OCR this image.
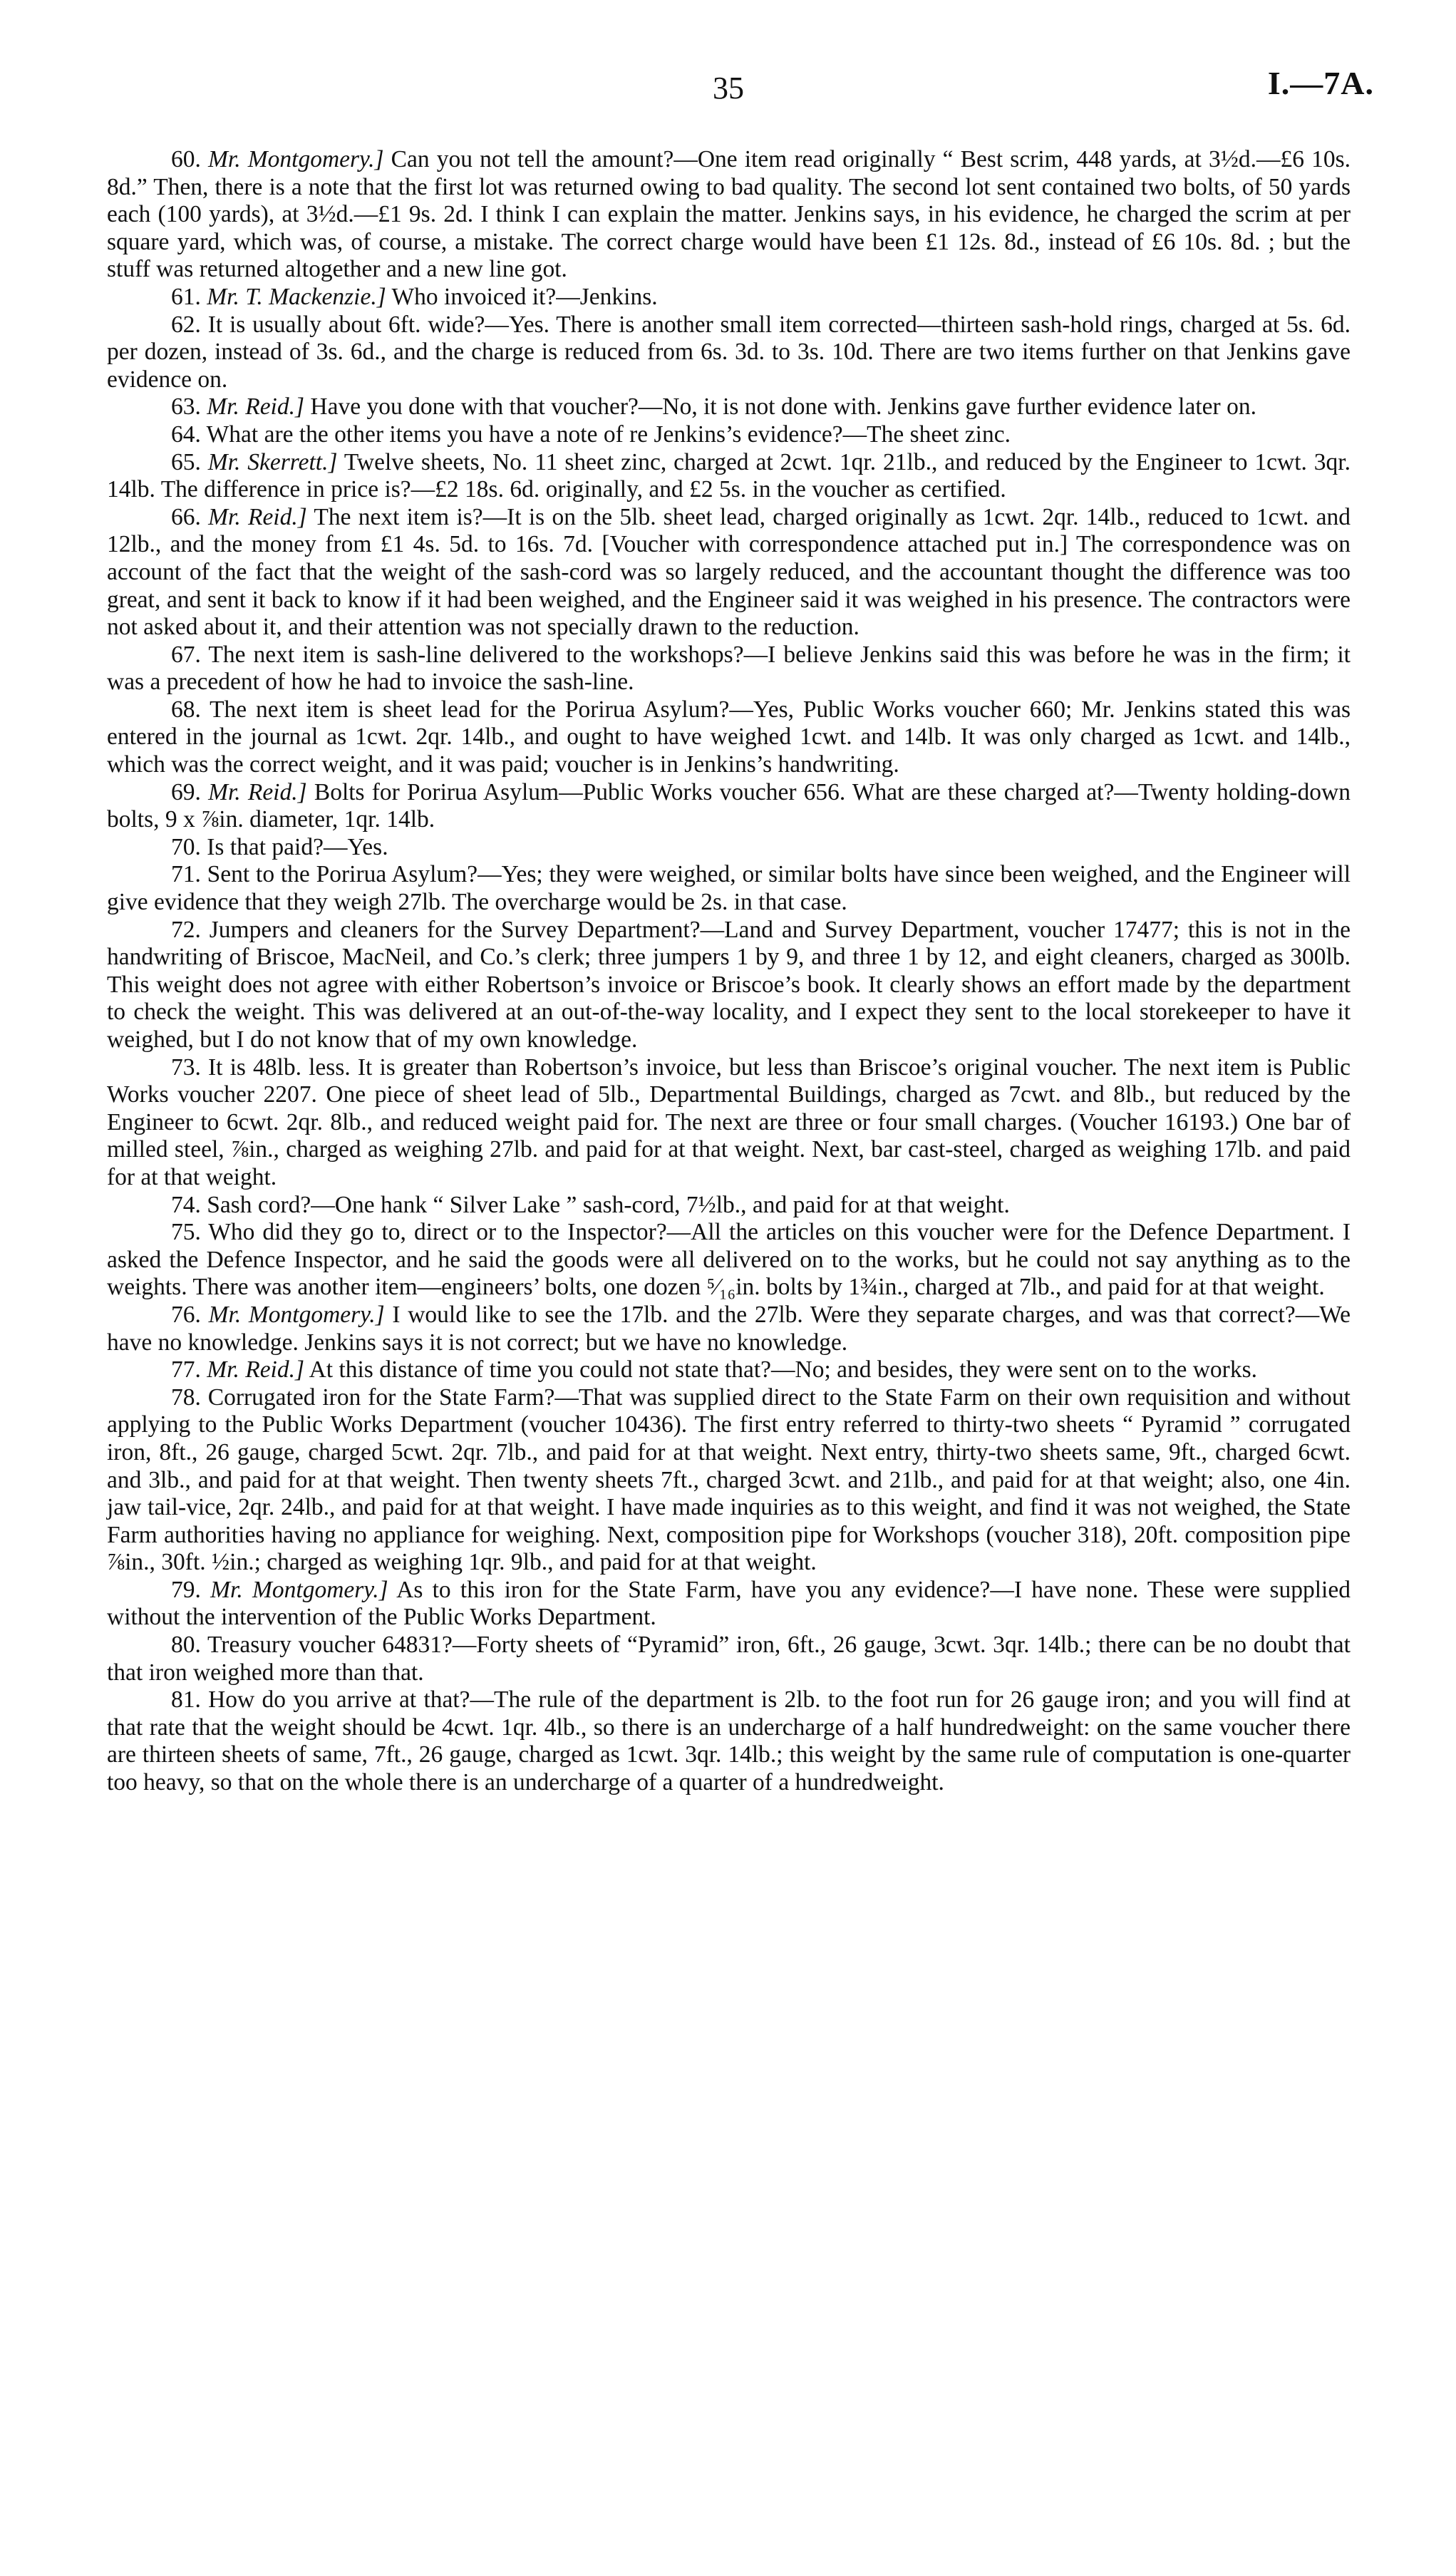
35	I.—7A.

60. Mr. Montgomery.] Can you not tell the amount?—One item read originally “ Best scrim, 448 yards, at 3½d.—£6 10s. 8d.” Then, there is a note that the first lot was returned owing to bad quality. The second lot sent contained two bolts, of 50 yards each (100 yards), at 3½d.—£1 9s. 2d. I think I can explain the matter. Jenkins says, in his evidence, he charged the scrim at per square yard, which was, of course, a mistake. The correct charge would have been £1 12s. 8d., instead of £6 10s. 8d. ; but the stuff was returned altogether and a new line got.

61. Mr. T. Mackenzie.] Who invoiced it?—Jenkins.

62. It is usually about 6ft. wide?—Yes. There is another small item corrected—thirteen sash-hold rings, charged at 5s. 6d. per dozen, instead of 3s. 6d., and the charge is reduced from 6s. 3d. to 3s. 10d. There are two items further on that Jenkins gave evidence on.

63. Mr. Reid.] Have you done with that voucher?—No, it is not done with. Jenkins gave further evidence later on.

64. What are the other items you have a note of re Jenkins’s evidence?—The sheet zinc.

65. Mr. Skerrett.] Twelve sheets, No. 11 sheet zinc, charged at 2cwt. 1qr. 21lb., and reduced by the Engineer to 1cwt. 3qr. 14lb. The difference in price is?—£2 18s. 6d. originally, and £2 5s. in the voucher as certified.

66. Mr. Reid.] The next item is?—It is on the 5lb. sheet lead, charged originally as 1cwt. 2qr. 14lb., reduced to 1cwt. and 12lb., and the money from £1 4s. 5d. to 16s. 7d. [Voucher with correspondence attached put in.] The correspondence was on account of the fact that the weight of the sash-cord was so largely reduced, and the accountant thought the difference was too great, and sent it back to know if it had been weighed, and the Engineer said it was weighed in his presence. The contractors were not asked about it, and their attention was not specially drawn to the reduction.

67. The next item is sash-line delivered to the workshops?—I believe Jenkins said this was before he was in the firm; it was a precedent of how he had to invoice the sash-line.

68. The next item is sheet lead for the Porirua Asylum?—Yes, Public Works voucher 660; Mr. Jenkins stated this was entered in the journal as 1cwt. 2qr. 14lb., and ought to have weighed 1cwt. and 14lb. It was only charged as 1cwt. and 14lb., which was the correct weight, and it was paid; voucher is in Jenkins’s handwriting.

69. Mr. Reid.] Bolts for Porirua Asylum—Public Works voucher 656. What are these charged at?—Twenty holding-down bolts, 9 x ⅞in. diameter, 1qr. 14lb.

70. Is that paid?—Yes.

71. Sent to the Porirua Asylum?—Yes; they were weighed, or similar bolts have since been weighed, and the Engineer will give evidence that they weigh 27lb. The overcharge would be 2s. in that case.

72. Jumpers and cleaners for the Survey Department?—Land and Survey Department, voucher 17477; this is not in the handwriting of Briscoe, MacNeil, and Co.’s clerk; three jumpers 1 by 9, and three 1 by 12, and eight cleaners, charged as 300lb. This weight does not agree with either Robertson’s invoice or Briscoe’s book. It clearly shows an effort made by the department to check the weight. This was delivered at an out-of-the-way locality, and I expect they sent to the local storekeeper to have it weighed, but I do not know that of my own knowledge.

73. It is 48lb. less. It is greater than Robertson’s invoice, but less than Briscoe’s original voucher. The next item is Public Works voucher 2207. One piece of sheet lead of 5lb., Departmental Buildings, charged as 7cwt. and 8lb., but reduced by the Engineer to 6cwt. 2qr. 8lb., and reduced weight paid for. The next are three or four small charges. (Voucher 16193.) One bar of milled steel, ⅞in., charged as weighing 27lb. and paid for at that weight. Next, bar cast-steel, charged as weighing 17lb. and paid for at that weight.

74. Sash cord?—One hank “ Silver Lake ” sash-cord, 7½lb., and paid for at that weight.

75. Who did they go to, direct or to the Inspector?—All the articles on this voucher were for the Defence Department. I asked the Defence Inspector, and he said the goods were all delivered on to the works, but he could not say anything as to the weights. There was another item—engineers’ bolts, one dozen ⁵⁄₁₆in. bolts by 1¾in., charged at 7lb., and paid for at that weight.

76. Mr. Montgomery.] I would like to see the 17lb. and the 27lb. Were they separate charges, and was that correct?—We have no knowledge. Jenkins says it is not correct; but we have no knowledge.

77. Mr. Reid.] At this distance of time you could not state that?—No; and besides, they were sent on to the works.

78. Corrugated iron for the State Farm?—That was supplied direct to the State Farm on their own requisition and without applying to the Public Works Department (voucher 10436). The first entry referred to thirty-two sheets “ Pyramid ” corrugated iron, 8ft., 26 gauge, charged 5cwt. 2qr. 7lb., and paid for at that weight. Next entry, thirty-two sheets same, 9ft., charged 6cwt. and 3lb., and paid for at that weight. Then twenty sheets 7ft., charged 3cwt. and 21lb., and paid for at that weight; also, one 4in. jaw tail-vice, 2qr. 24lb., and paid for at that weight. I have made inquiries as to this weight, and find it was not weighed, the State Farm authorities having no appliance for weighing. Next, composition pipe for Workshops (voucher 318), 20ft. composition pipe ⅞in., 30ft. ½in.; charged as weighing 1qr. 9lb., and paid for at that weight.

79. Mr. Montgomery.] As to this iron for the State Farm, have you any evidence?—I have none. These were supplied without the intervention of the Public Works Department.

80. Treasury voucher 64831?—Forty sheets of “Pyramid” iron, 6ft., 26 gauge, 3cwt. 3qr. 14lb.; there can be no doubt that that iron weighed more than that.

81. How do you arrive at that?—The rule of the department is 2lb. to the foot run for 26 gauge iron; and you will find at that rate that the weight should be 4cwt. 1qr. 4lb., so there is an undercharge of a half hundredweight: on the same voucher there are thirteen sheets of same, 7ft., 26 gauge, charged as 1cwt. 3qr. 14lb.; this weight by the same rule of computation is one-quarter too heavy, so that on the whole there is an undercharge of a quarter of a hundredweight.
